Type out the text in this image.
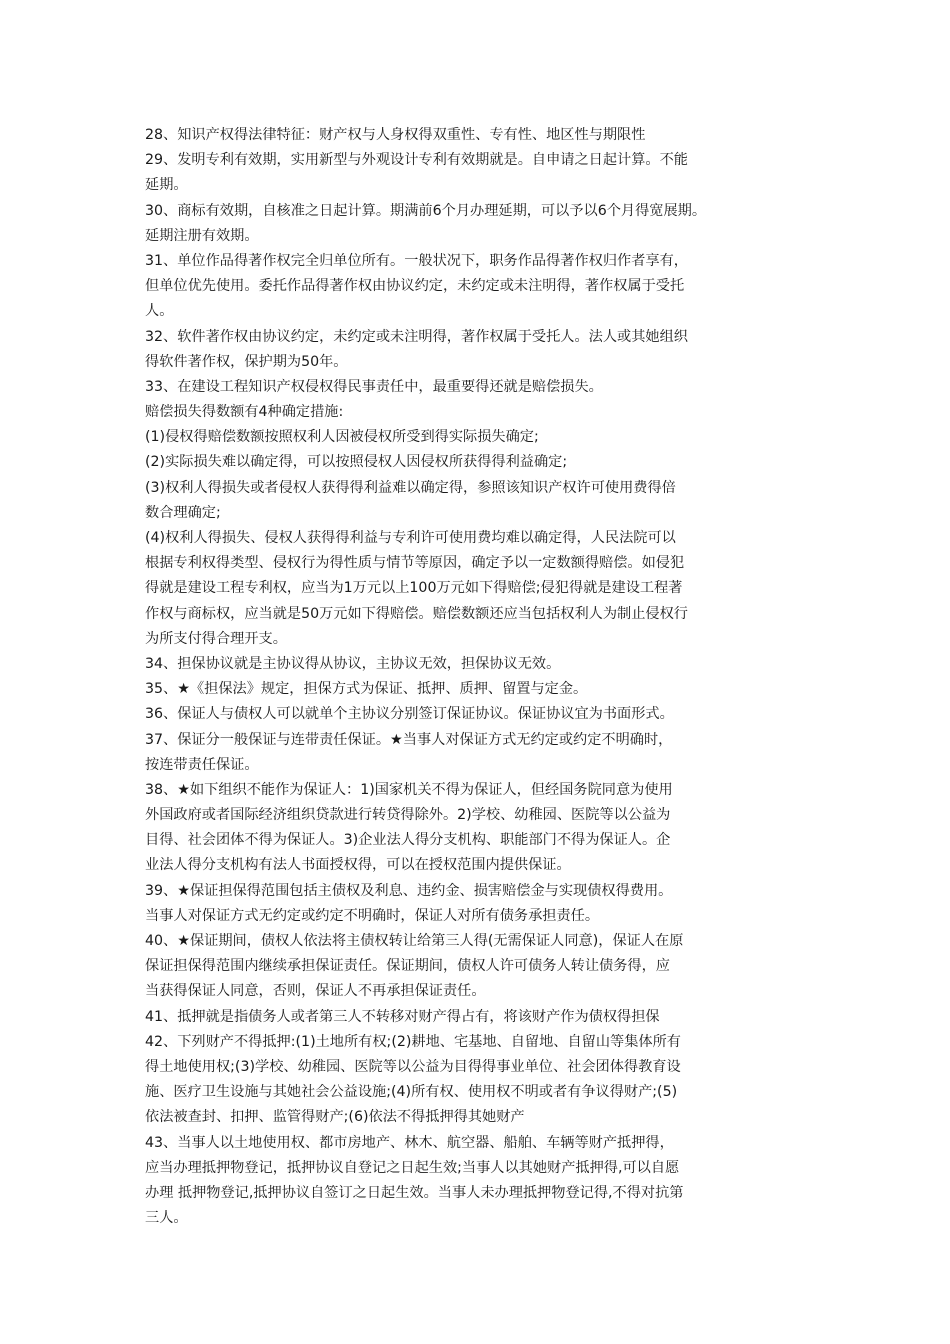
28、知识产权得法律特征：财产权与人身权得双重性、专有性、地区性与期限性
29、发明专利有效期，实用新型与外观设计专利有效期就是。自申请之日起计算。不能
延期。
30、商标有效期，自核准之日起计算。期满前6个月办理延期，可以予以6个月得宽展期。
延期注册有效期。
31、单位作品得著作权完全归单位所有。一般状况下，职务作品得著作权归作者享有，
但单位优先使用。委托作品得著作权由协议约定，未约定或未注明得，著作权属于受托
人。
32、软件著作权由协议约定，未约定或未注明得，著作权属于受托人。法人或其她组织
得软件著作权，保护期为50年。
33、在建设工程知识产权侵权得民事责任中，最重要得还就是赔偿损失。
赔偿损失得数额有4种确定措施:
(1)侵权得赔偿数额按照权利人因被侵权所受到得实际损失确定;
(2)实际损失难以确定得，可以按照侵权人因侵权所获得得利益确定;
(3)权利人得损失或者侵权人获得得利益难以确定得，参照该知识产权许可使用费得倍
数合理确定;
(4)权利人得损失、侵权人获得得利益与专利许可使用费均难以确定得，人民法院可以
根据专利权得类型、侵权行为得性质与情节等原因，确定予以一定数额得赔偿。如侵犯
得就是建设工程专利权，应当为1万元以上100万元如下得赔偿;侵犯得就是建设工程著
作权与商标权，应当就是50万元如下得赔偿。赔偿数额还应当包括权利人为制止侵权行
为所支付得合理开支。
34、担保协议就是主协议得从协议，主协议无效，担保协议无效。
35、★《担保法》规定，担保方式为保证、抵押、质押、留置与定金。
36、保证人与债权人可以就单个主协议分别签订保证协议。保证协议宜为书面形式。
37、保证分一般保证与连带责任保证。★当事人对保证方式无约定或约定不明确时，
按连带责任保证。
38、★如下组织不能作为保证人：1)国家机关不得为保证人，但经国务院同意为使用
外国政府或者国际经济组织贷款进行转贷得除外。2)学校、幼稚园、医院等以公益为
目得、社会团体不得为保证人。3)企业法人得分支机构、职能部门不得为保证人。企
业法人得分支机构有法人书面授权得，可以在授权范围内提供保证。
39、★保证担保得范围包括主债权及利息、违约金、损害赔偿金与实现债权得费用。
当事人对保证方式无约定或约定不明确时，保证人对所有债务承担责任。
40、★保证期间，债权人依法将主债权转让给第三人得(无需保证人同意)，保证人在原
保证担保得范围内继续承担保证责任。保证期间，债权人许可债务人转让债务得，应
当获得保证人同意，否则，保证人不再承担保证责任。
41、抵押就是指债务人或者第三人不转移对财产得占有，将该财产作为债权得担保
42、下列财产不得抵押:(1)土地所有权;(2)耕地、宅基地、自留地、自留山等集体所有
得土地使用权;(3)学校、幼稚园、医院等以公益为目得得事业单位、社会团体得教育设
施、医疗卫生设施与其她社会公益设施;(4)所有权、使用权不明或者有争议得财产;(5)
依法被查封、扣押、监管得财产;(6)依法不得抵押得其她财产
43、当事人以土地使用权、都市房地产、林木、航空器、船舶、车辆等财产抵押得，
应当办理抵押物登记，抵押协议自登记之日起生效;当事人以其她财产抵押得,可以自愿
办理 抵押物登记,抵押协议自签订之日起生效。当事人未办理抵押物登记得,不得对抗第
三人。
